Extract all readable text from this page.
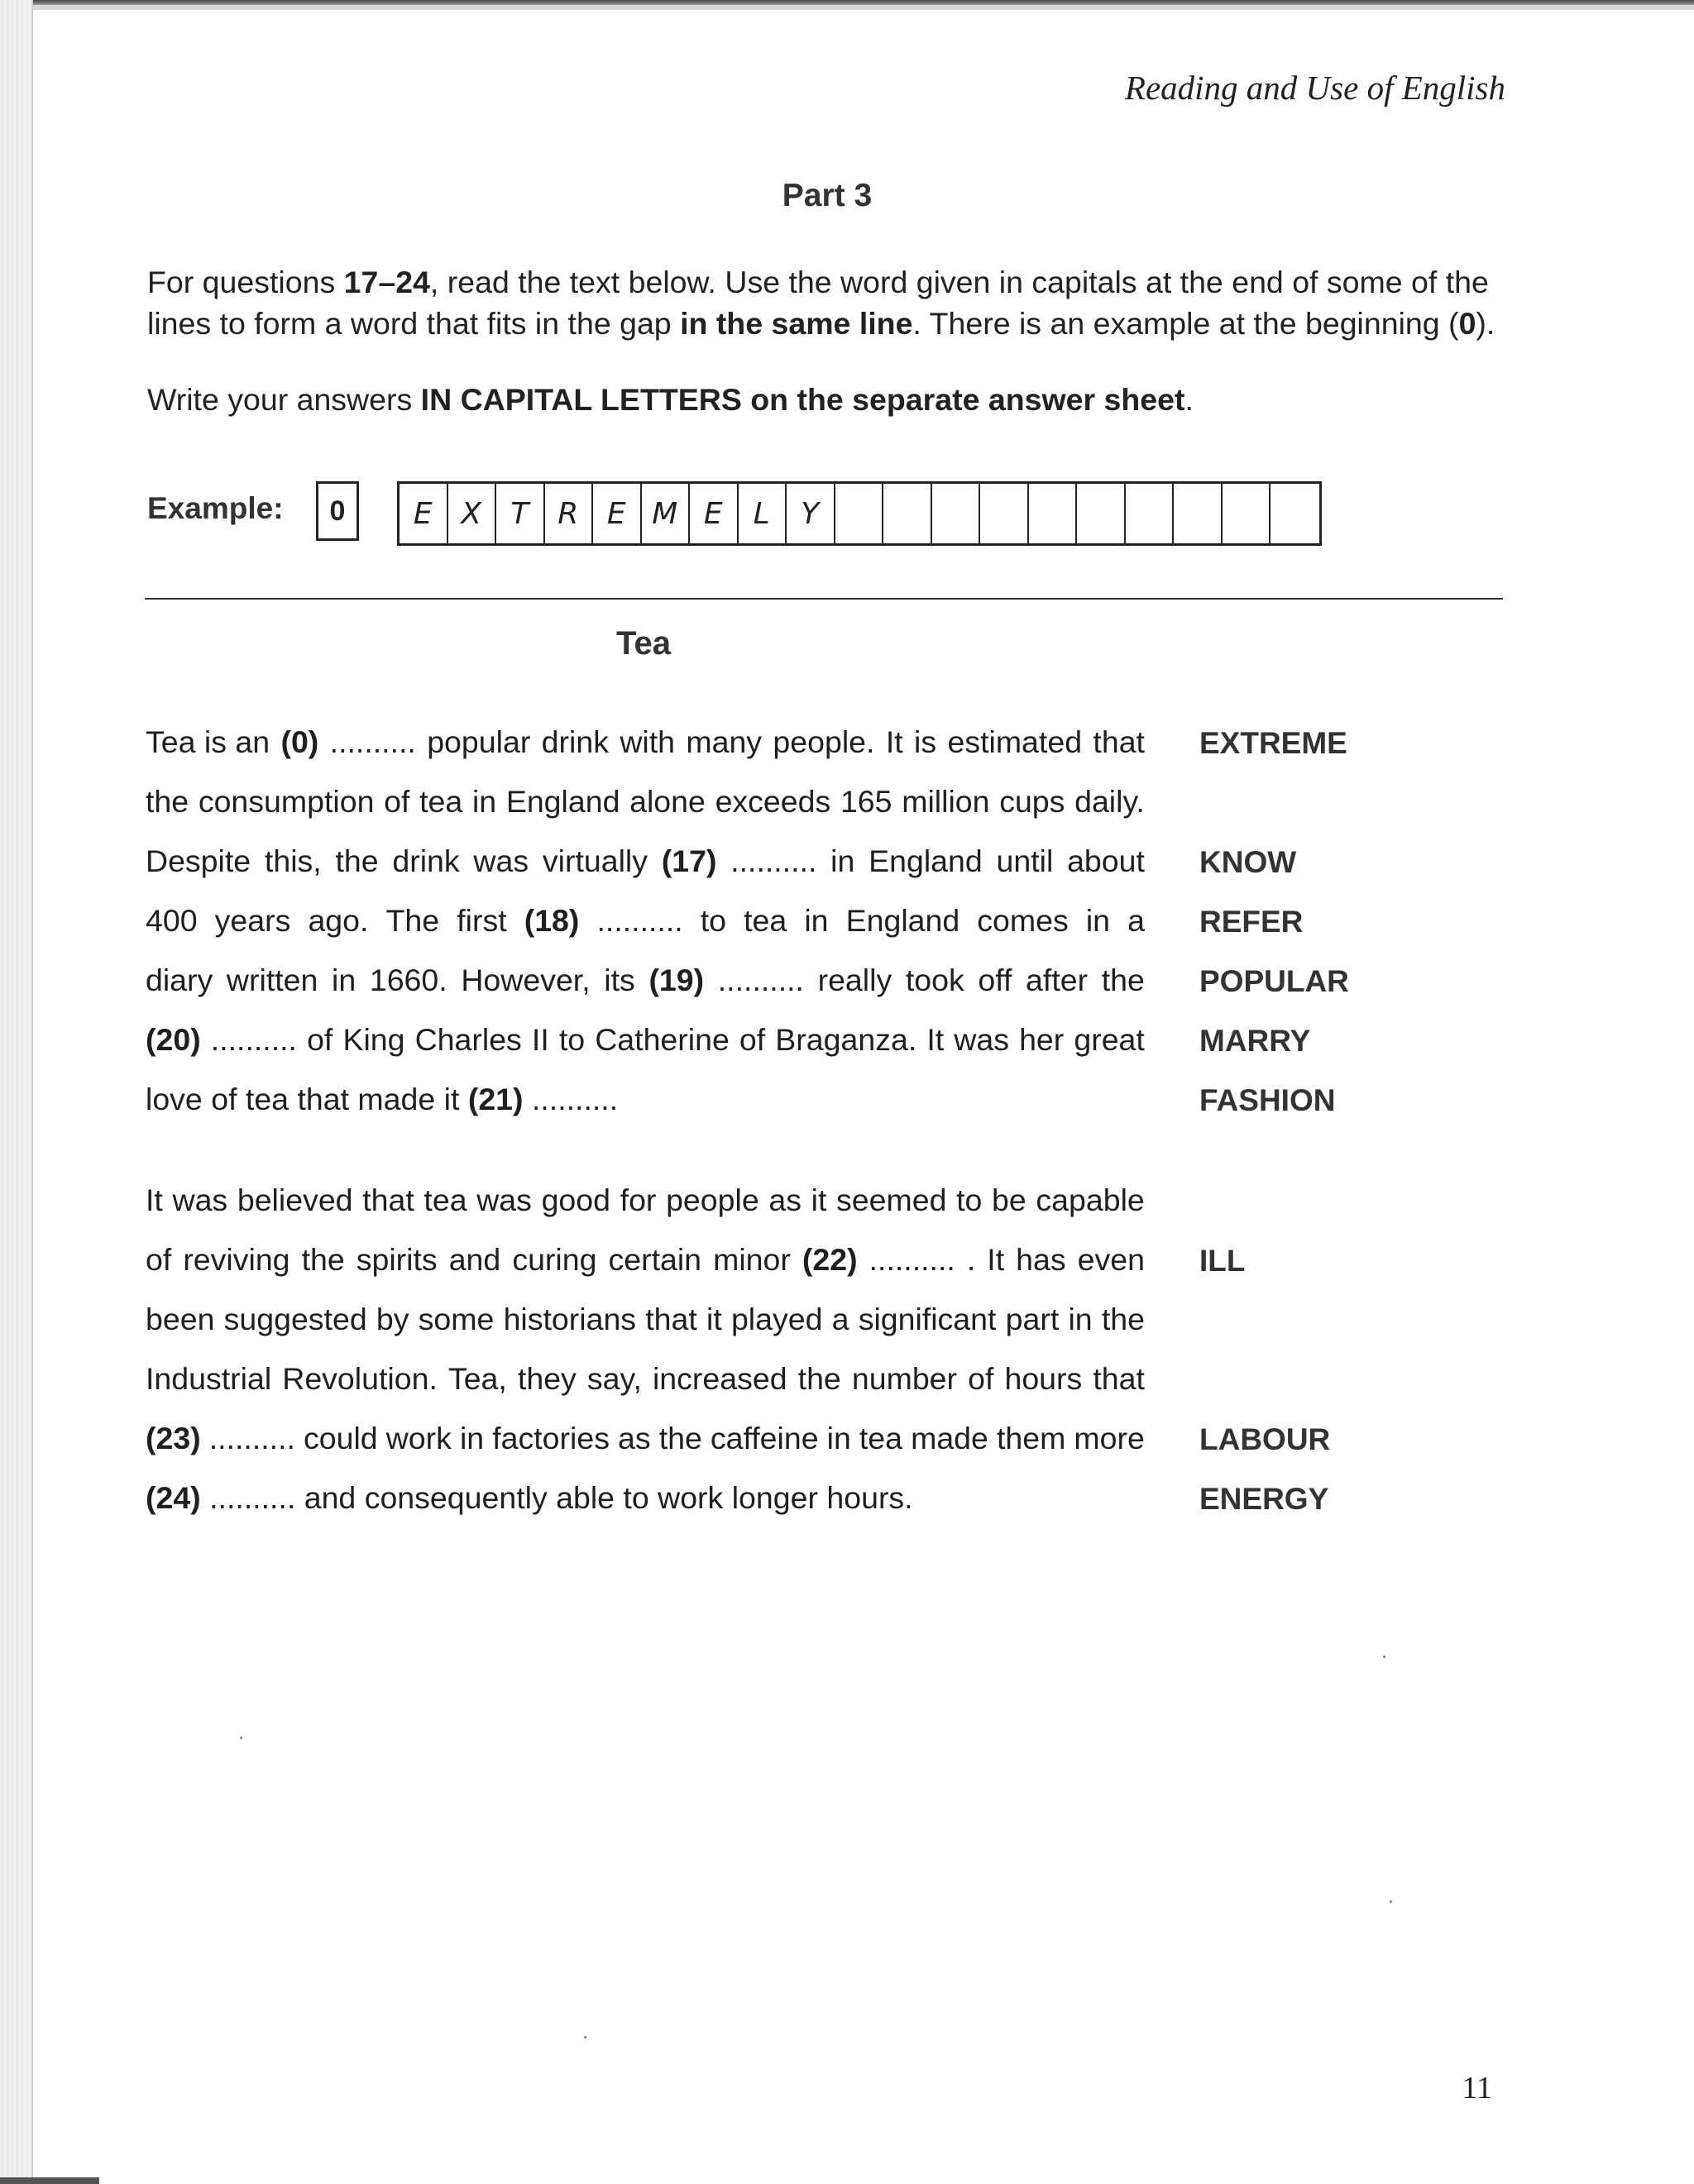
Reading and Use of English
Part 3

For questions 17–24, read the text below. Use the word given in capitals at the end of some of the lines to form a word that fits in the gap in the same line. There is an example at the beginning (0).

Write your answers IN CAPITAL LETTERS on the separate answer sheet.

Example:	0	E X T R E M E	L	Y
Tea
Tea is an (0) .......... popular drink with many people. It is estimated that EXTREME
the consumption of tea in England alone exceeds 165 million cups daily.
Despite this, the drink was virtually (17) .......... in England until about KNOW
400 years ago. The first (18) .......... to tea in England comes in a REFER
diary written in 1660. However, its (19) .......... really took off after the POPULAR
(20) .......... of King Charles II to Catherine of Braganza. It was her great MARRY
love of tea that made it (21) ..........	FASHION
It was believed that tea was good for people as it seemed to be capable
of reviving the spirits and curing certain minor (22) .......... . It has even ILL
been suggested by some historians that it played a significant part in the
Industrial Revolution. Tea, they say, increased the number of hours that
(23) .......... could work in factories as the caffeine in tea made them more LABOUR
(24) .......... and consequently able to work longer hours.	ENERGY
11
